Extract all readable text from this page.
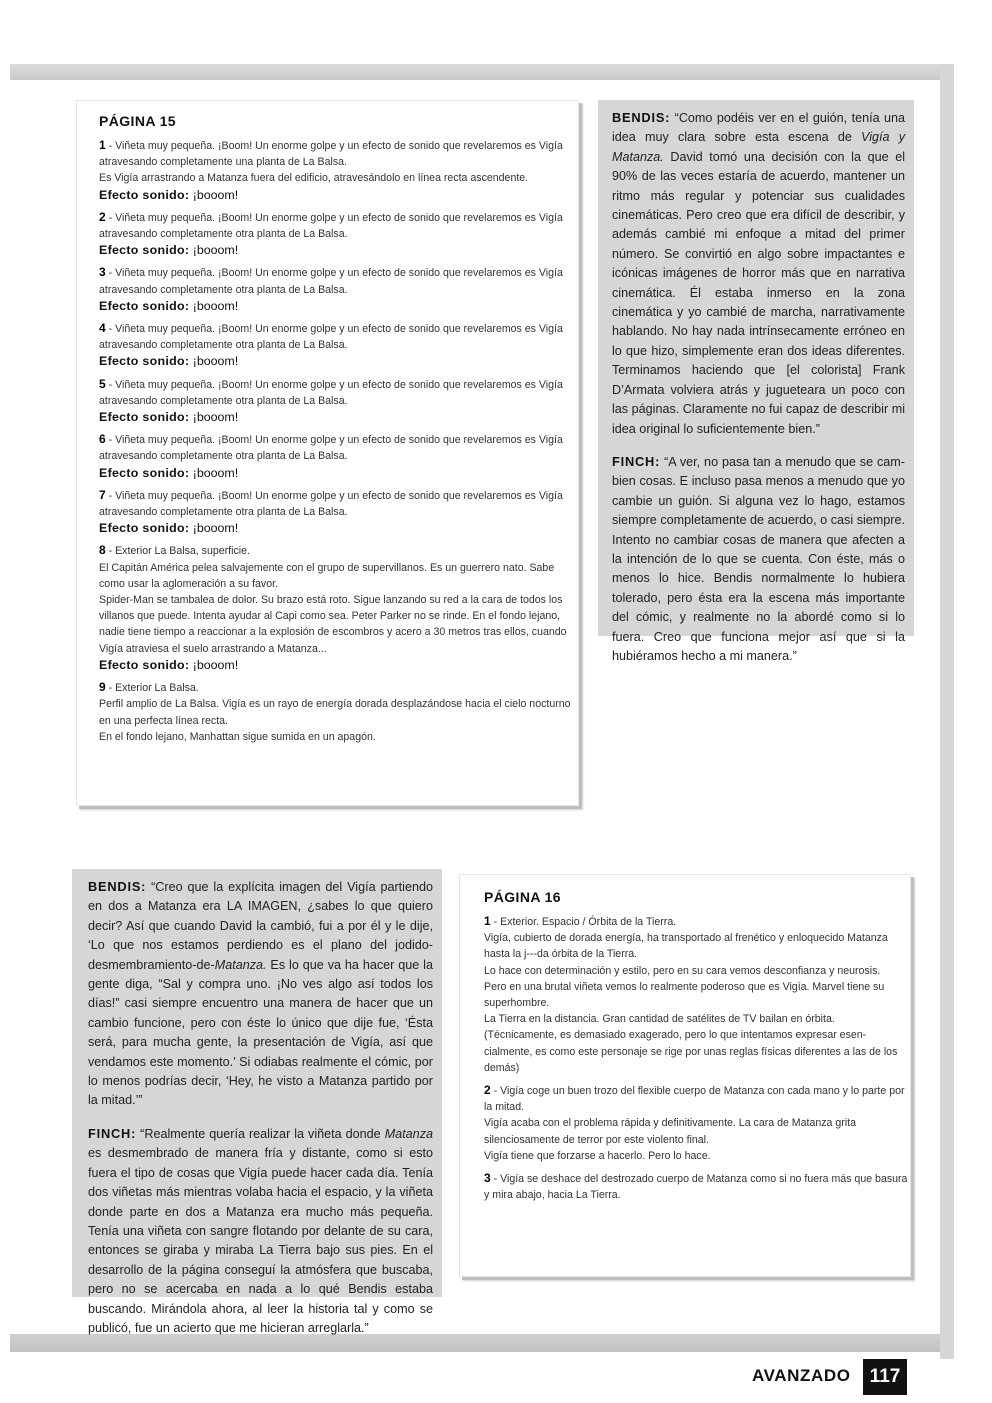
PÁGINA 15

1 - Viñeta muy pequeña. ¡Boom! Un enorme golpe y un efecto de sonido que revelaremos es Vigía atravesando completamente una planta de La Balsa.

Es Vigía arrastrando a Matanza fuera del edificio, atravesándolo en línea recta ascendente.

Efecto sonido: ¡booom!

2 - Viñeta muy pequeña. ¡Boom! Un enorme golpe y un efecto de sonido que revelaremos es Vigía atravesando completamente otra planta de La Balsa.

Efecto sonido: ¡booom!

3 - Viñeta muy pequeña. ¡Boom! Un enorme golpe y un efecto de sonido que revelaremos es Vigía atravesando completamente otra planta de La Balsa.

Efecto sonido: ¡booom!

4 - Viñeta muy pequeña. ¡Boom! Un enorme golpe y un efecto de sonido que revelaremos es Vigía atravesando completamente otra planta de La Balsa.

Efecto sonido: ¡booom!

5 - Viñeta muy pequeña. ¡Boom! Un enorme golpe y un efecto de sonido que revelaremos es Vigía atravesando completamente otra planta de La Balsa.

Efecto sonido: ¡booom!

6 - Viñeta muy pequeña. ¡Boom! Un enorme golpe y un efecto de sonido que revelaremos es Vigía atravesando completamente otra planta de La Balsa.

Efecto sonido: ¡booom!

7 - Viñeta muy pequeña. ¡Boom! Un enorme golpe y un efecto de sonido que revelaremos es Vigía atravesando completamente otra planta de La Balsa.

Efecto sonido: ¡booom!

8 - Exterior La Balsa, superficie.

El Capitán América pelea salvajemente con el grupo de supervillanos. Es un guerrero nato. Sabe como usar la aglomeración a su favor.

Spider-Man se tambalea de dolor. Su brazo está roto. Sigue lanzando su red a la cara de todos los villanos que puede. Intenta ayudar al Capi como sea. Peter Parker no se rinde. En el fondo lejano, nadie tiene tiempo a reaccionar a la explosión de escombros y acero a 30 metros tras ellos, cuando Vigía atraviesa el suelo arrastrando a Matanza...

Efecto sonido: ¡booom!

9 - Exterior La Balsa.

Perfil amplio de La Balsa. Vigía es un rayo de energía dorada desplazándose hacia el cielo nocturno en una perfecta línea recta.

En el fondo lejano, Manhattan sigue sumida en un apagón.

BENDIS: “Como podéis ver en el guión, tenía una idea muy clara sobre esta escena de Vigía y Matanza. David tomó una decisión con la que el 90% de las veces estaría de acuerdo, mantener un ritmo más regular y potenciar sus cualidades cinemáticas. Pero creo que era difícil de describir, y además cambié mi enfoque a mitad del primer número. Se convirtió en algo sobre impactantes e icónicas imágenes de horror más que en narrativa cinemática. Él estaba inmerso en la zona cinemática y yo cambié de marcha, narrativamente hablando. No hay nada intrínsecamente erróneo en lo que hizo, simplemente eran dos ideas diferentes. Terminamos haciendo que [el colorista] Frank D’Armata volviera atrás y jugueteara un poco con las páginas. Claramente no fui capaz de describir mi idea original lo suficientemente bien.”

FINCH: “A ver, no pasa tan a menudo que se cambien cosas. E incluso pasa menos a menudo que yo cambie un guión. Si alguna vez lo hago, estamos siempre completamente de acuerdo, o casi siempre. Intento no cambiar cosas de manera que afecten a la intención de lo que se cuenta. Con éste, más o menos lo hice. Bendis normalmente lo hubiera tolerado, pero ésta era la escena más importante del cómic, y realmente no la abordé como si lo fuera. Creo que funciona mejor así que si la hubiéramos hecho a mi manera.”

BENDIS: “Creo que la explícita imagen del Vigía partiendo en dos a Matanza era LA IMAGEN, ¿sabes lo que quiero decir? Así que cuando David la cambió, fui a por él y le dije, ‘Lo que nos estamos perdiendo es el plano del jodido-desmembramiento-de-Matanza. Es lo que va ha hacer que la gente diga, “Sal y compra uno. ¡No ves algo así todos los días!” casi siempre encuentro una manera de hacer que un cambio funcione, pero con éste lo único que dije fue, ‘Ésta será, para mucha gente, la presentación de Vigía, así que vendamos este momento.’ Si odiabas realmente el cómic, por lo menos podrías decir, ‘Hey, he visto a Matanza partido por la mitad.’”

FINCH: “Realmente quería realizar la viñeta donde Matanza es desmembrado de manera fría y distante, como si esto fuera el tipo de cosas que Vigía puede hacer cada día. Tenía dos viñetas más mientras volaba hacia el espacio, y la viñeta donde parte en dos a Matanza era mucho más pequeña. Tenía una viñeta con sangre flotando por delante de su cara, entonces se giraba y miraba La Tierra bajo sus pies. En el desarrollo de la página conseguí la atmósfera que buscaba, pero no se acercaba en nada a lo qué Bendis estaba buscando. Mirándola ahora, al leer la historia tal y como se publicó, fue un acierto que me hicieran arreglarla.”

PÁGINA 16

1 - Exterior. Espacio / Órbita de la Tierra.

Vigía, cubierto de dorada energía, ha transportado al frenético y enloquecido Matanza hasta la j---da órbita de la Tierra.

Lo hace con determinación y estilo, pero en su cara vemos desconfianza y neurosis.

Pero en una brutal viñeta vemos lo realmente poderoso que es Vigía. Marvel tiene su superhombre.

La Tierra en la distancia. Gran cantidad de satélites de TV bailan en órbita. (Técnicamente, es demasiado exagerado, pero lo que intentamos expresar esencialmente, es como este personaje se rige por unas reglas físicas diferentes a las de los demás)

2 - Vigía coge un buen trozo del flexible cuerpo de Matanza con cada mano y lo parte por la mitad.

Vigía acaba con el problema rápida y definitivamente. La cara de Matanza grita silenciosamente de terror por este violento final.

Vigía tiene que forzarse a hacerlo. Pero lo hace.

3 - Vigía se deshace del destrozado cuerpo de Matanza como si no fuera más que basura y mira abajo, hacia La Tierra.

AVANZADO	117
